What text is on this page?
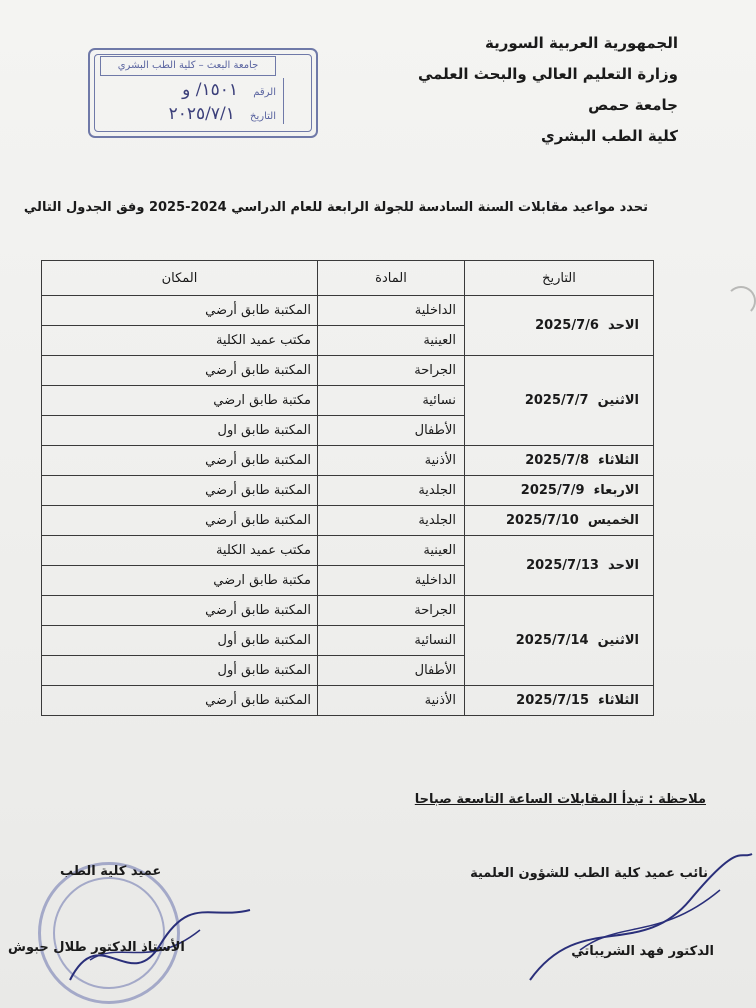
الجمهورية العربية السورية
وزارة التعليم العالي والبحث العلمي
جامعة حمص
كلية الطب البشري
جامعة البعث – كلية الطب البشري
الرقم ١٥٠١/ و
التاريخ ٢٠٢٥/٧/١
تحدد مواعيد مقابلات السنة السادسة للجولة الرابعة للعام الدراسي 2024-2025 وفق الجدول التالي
التاريخ	المادة	المكان
الاحد  2025/7/6	الداخلية	المكتبة طابق أرضي
	العينية	مكتب عميد الكلية
الاثنين  2025/7/7	الجراحة	المكتبة طابق أرضي
	نسائية	مكتبة طابق ارضي
	الأطفال	المكتبة طابق اول
الثلاثاء  2025/7/8	الأذنية	المكتبة طابق أرضي
الاربعاء  2025/7/9	الجلدية	المكتبة طابق أرضي
الخميس  2025/7/10	الجلدية	المكتبة طابق أرضي
الاحد  2025/7/13	العينية	مكتب عميد الكلية
	الداخلية	مكتبة طابق ارضي
الاثنين  2025/7/14	الجراحة	المكتبة طابق أرضي
	النسائية	المكتبة طابق أول
	الأطفال	المكتبة طابق أول
الثلاثاء  2025/7/15	الأذنية	المكتبة طابق أرضي
ملاحظة : تبدأ المقابلات الساعة التاسعة صباحا
عميد كلية الطب
الأستاذ الدكتور طلال حبوش
نائب عميد كلية الطب للشؤون العلمية
الدكتور فهد الشريباتي
